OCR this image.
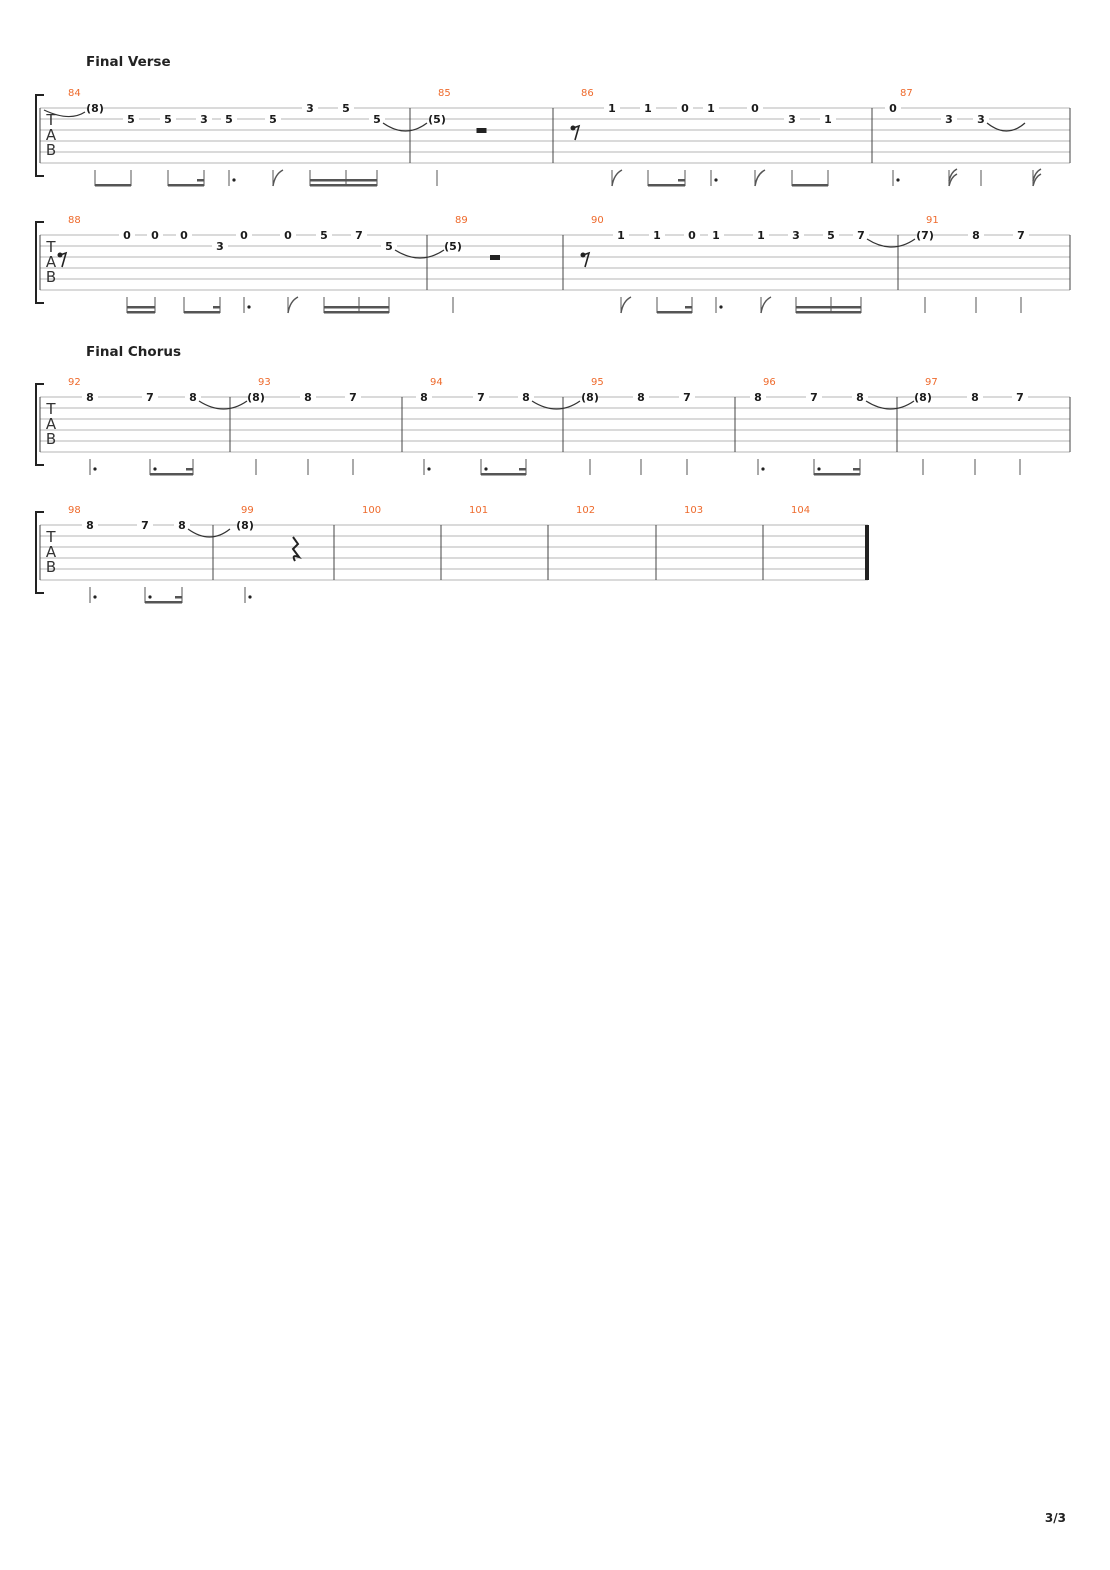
Final Verse
Final Chorus
T
A
B
84
(8)
5	5	3 5	5
3	5
5
85
(5)
86
1	1	0 1	0
3	1
87
0
3 3
T
A
B
88
0 0 0
3
0	0	5 7
5
89
(5)
90
1	1 0 1	1 3 5 7
91
(7)	8	7
T
A
B
92
8	7	8
93
(8)	8	7
94
8	7	8
95
(8)	8	7
96
8	7	8
97
(8)	8	7
T
A
B
98
8	7	8
99
(8)
100	101	102	103	104
3/3
